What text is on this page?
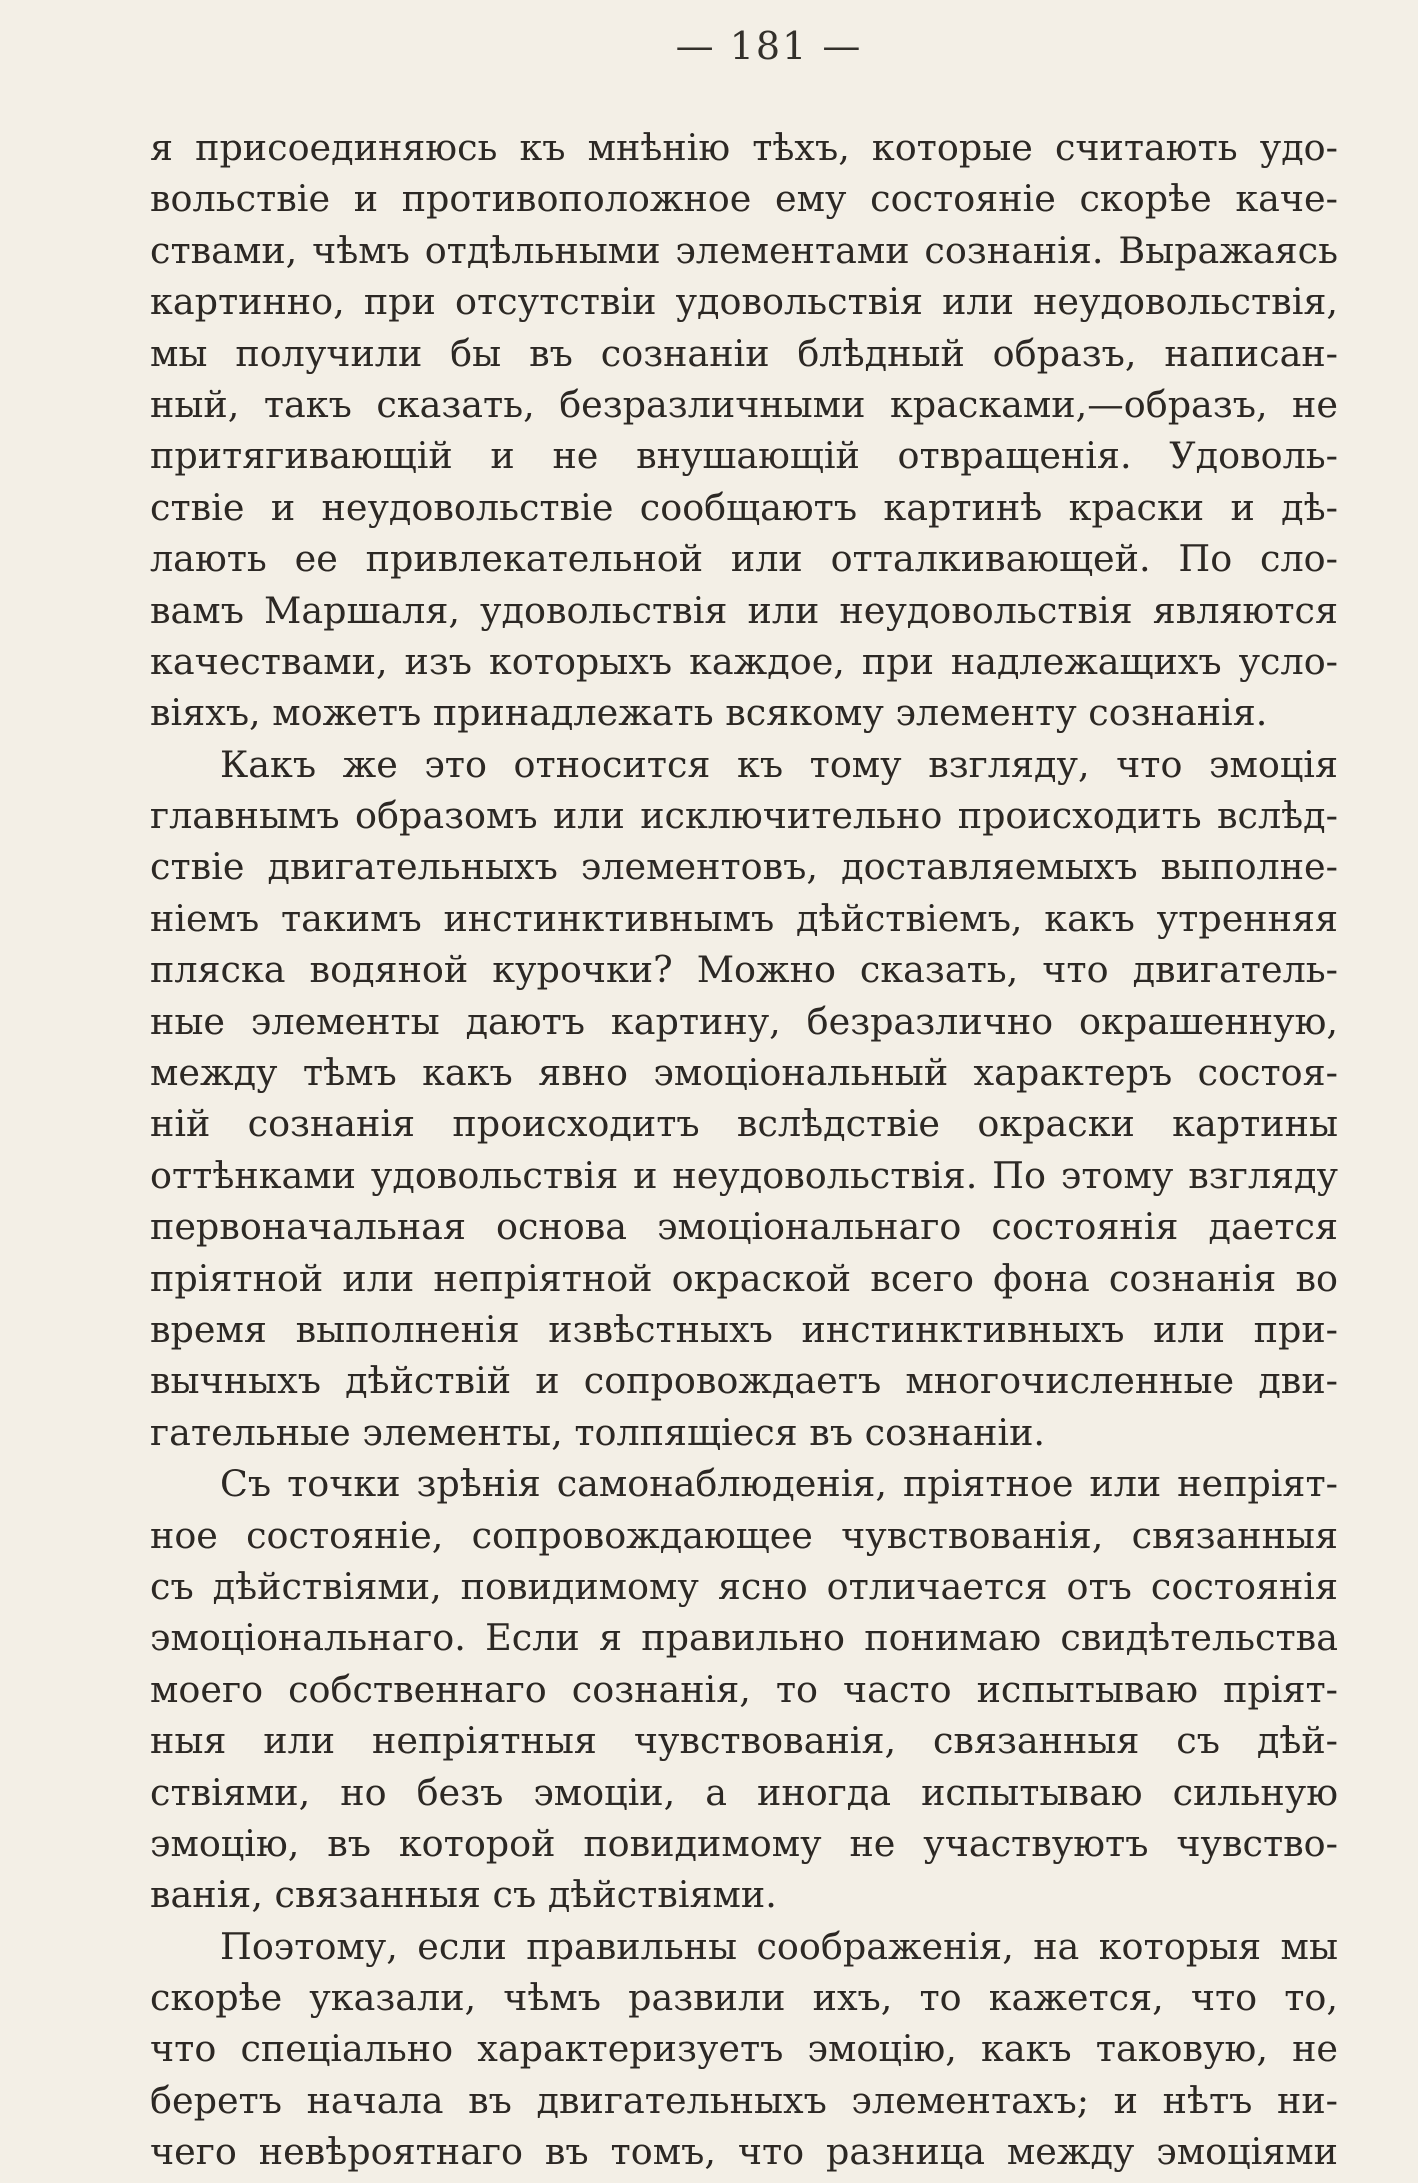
— 181 —
я присоединяюсь къ мнѣнію тѣхъ, которые считають удо-
вольствіе и противоположное ему состояніе скорѣе каче-
ствами, чѣмъ отдѣльными элементами сознанія. Выражаясь
картинно, при отсутствіи удовольствія или неудовольствія,
мы получили бы въ сознаніи блѣдный образъ, написан-
ный, такъ сказать, безразличными красками,—образъ, не
притягивающій и не внушающій отвращенія. Удоволь-
ствіе и неудовольствіе сообщаютъ картинѣ краски и дѣ-
лають ее привлекательной или отталкивающей. По сло-
вамъ Маршаля, удовольствія или неудовольствія являются
качествами, изъ которыхъ каждое, при надлежащихъ усло-
віяхъ, можетъ принадлежать всякому элементу сознанія.
Какъ же это относится къ тому взгляду, что эмоція
главнымъ образомъ или исключительно происходить вслѣд-
ствіе двигательныхъ элементовъ, доставляемыхъ выполне-
ніемъ такимъ инстинктивнымъ дѣйствіемъ, какъ утренняя
пляска водяной курочки? Можно сказать, что двигатель-
ные элементы даютъ картину, безразлично окрашенную,
между тѣмъ какъ явно эмоціональный характеръ состоя-
ній сознанія происходитъ вслѣдствіе окраски картины
оттѣнками удовольствія и неудовольствія. По этому взгляду
первоначальная основа эмоціональнаго состоянія дается
пріятной или непріятной окраской всего фона сознанія во
время выполненія извѣстныхъ инстинктивныхъ или при-
вычныхъ дѣйствій и сопровождаетъ многочисленные дви-
гательные элементы, толпящіеся въ сознаніи.
Съ точки зрѣнія самонаблюденія, пріятное или непріят-
ное состояніе, сопровождающее чувствованія, связанныя
съ дѣйствіями, повидимому ясно отличается отъ состоянія
эмоціональнаго. Если я правильно понимаю свидѣтельства
моего собственнаго сознанія, то часто испытываю пріят-
ныя или непріятныя чувствованія, связанныя съ дѣй-
ствіями, но безъ эмоціи, а иногда испытываю сильную
эмоцію, въ которой повидимому не участвуютъ чувство-
ванія, связанныя съ дѣйствіями.
Поэтому, если правильны соображенія, на которыя мы
скорѣе указали, чѣмъ развили ихъ, то кажется, что то,
что спеціально характеризуетъ эмоцію, какъ таковую, не
беретъ начала въ двигательныхъ элементахъ; и нѣтъ ни-
чего невѣроятнаго въ томъ, что разница между эмоціями
